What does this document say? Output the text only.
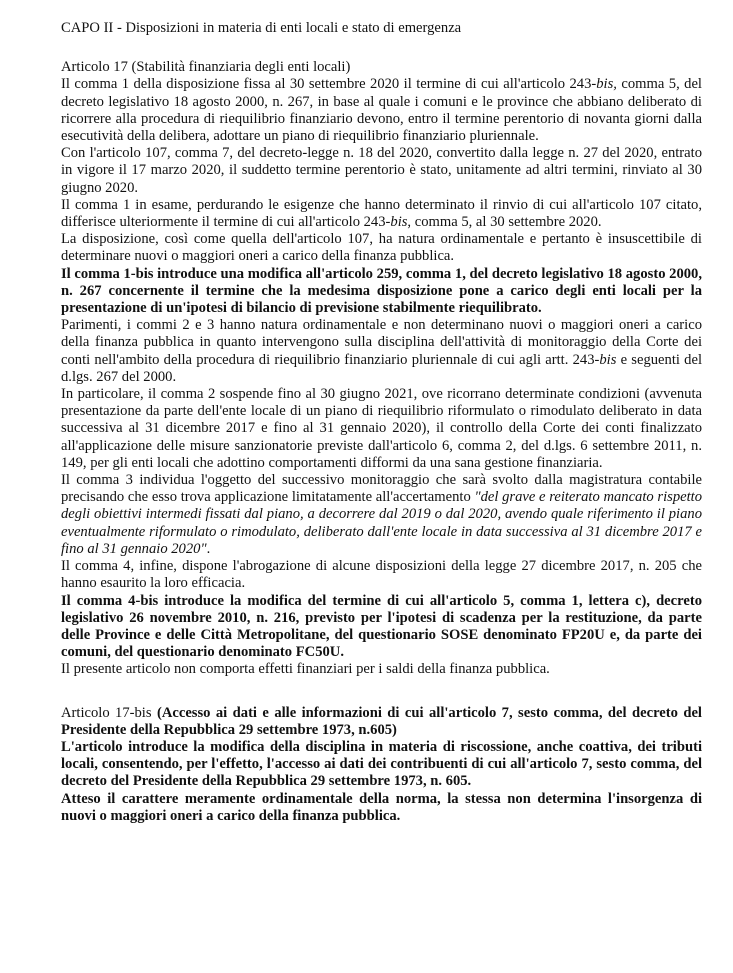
CAPO II - Disposizioni in materia di enti locali e stato di emergenza
Articolo 17 (Stabilità finanziaria degli enti locali)

Il comma 1 della disposizione fissa al 30 settembre 2020 il termine di cui all'articolo 243-bis, comma 5, del decreto legislativo 18 agosto 2000, n. 267, in base al quale i comuni e le province che abbiano deliberato di ricorrere alla procedura di riequilibrio finanziario devono, entro il termine perentorio di novanta giorni dalla esecutività della delibera, adottare un piano di riequilibrio finanziario pluriennale.

Con l'articolo 107, comma 7, del decreto-legge n. 18 del 2020, convertito dalla legge n. 27 del 2020, entrato in vigore il 17 marzo 2020, il suddetto termine perentorio è stato, unitamente ad altri termini, rinviato al 30 giugno 2020.

Il comma 1 in esame, perdurando le esigenze che hanno determinato il rinvio di cui all'articolo 107 citato, differisce ulteriormente il termine di cui all'articolo 243-bis, comma 5, al 30 settembre 2020.

La disposizione, così come quella dell'articolo 107, ha natura ordinamentale e pertanto è insuscettibile di determinare nuovi o maggiori oneri a carico della finanza pubblica.

Il comma 1-bis introduce una modifica all'articolo 259, comma 1, del decreto legislativo 18 agosto 2000, n. 267 concernente il termine che la medesima disposizione pone a carico degli enti locali per la presentazione di un'ipotesi di bilancio di previsione stabilmente riequilibrato.

Parimenti, i commi 2 e 3 hanno natura ordinamentale e non determinano nuovi o maggiori oneri a carico della finanza pubblica in quanto intervengono sulla disciplina dell'attività di monitoraggio della Corte dei conti nell'ambito della procedura di riequilibrio finanziario pluriennale di cui agli artt. 243-bis e seguenti del d.lgs. 267 del 2000.

In particolare, il comma 2 sospende fino al 30 giugno 2021, ove ricorrano determinate condizioni (avvenuta presentazione da parte dell'ente locale di un piano di riequilibrio riformulato o rimodulato deliberato in data successiva al 31 dicembre 2017 e fino al 31 gennaio 2020), il controllo della Corte dei conti finalizzato all'applicazione delle misure sanzionatorie previste dall'articolo 6, comma 2, del d.lgs. 6 settembre 2011, n. 149, per gli enti locali che adottino comportamenti difformi da una sana gestione finanziaria.

Il comma 3 individua l'oggetto del successivo monitoraggio che sarà svolto dalla magistratura contabile precisando che esso trova applicazione limitatamente all'accertamento "del grave e reiterato mancato rispetto degli obiettivi intermedi fissati dal piano, a decorrere dal 2019 o dal 2020, avendo quale riferimento il piano eventualmente riformulato o rimodulato, deliberato dall'ente locale in data successiva al 31 dicembre 2017 e fino al 31 gennaio 2020".

Il comma 4, infine, dispone l'abrogazione di alcune disposizioni della legge 27 dicembre 2017, n. 205 che hanno esaurito la loro efficacia.

Il comma 4-bis introduce la modifica del termine di cui all'articolo 5, comma 1, lettera c), decreto legislativo 26 novembre 2010, n. 216, previsto per l'ipotesi di scadenza per la restituzione, da parte delle Province e delle Città Metropolitane, del questionario SOSE denominato FP20U e, da parte dei comuni, del questionario denominato FC50U.

Il presente articolo non comporta effetti finanziari per i saldi della finanza pubblica.

Articolo 17-bis (Accesso ai dati e alle informazioni di cui all'articolo 7, sesto comma, del decreto del Presidente della Repubblica 29 settembre 1973, n.605)

L'articolo introduce la modifica della disciplina in materia di riscossione, anche coattiva, dei tributi locali, consentendo, per l'effetto, l'accesso ai dati dei contribuenti di cui all'articolo 7, sesto comma, del decreto del Presidente della Repubblica 29 settembre 1973, n. 605.

Atteso il carattere meramente ordinamentale della norma, la stessa non determina l'insorgenza di nuovi o maggiori oneri a carico della finanza pubblica.
